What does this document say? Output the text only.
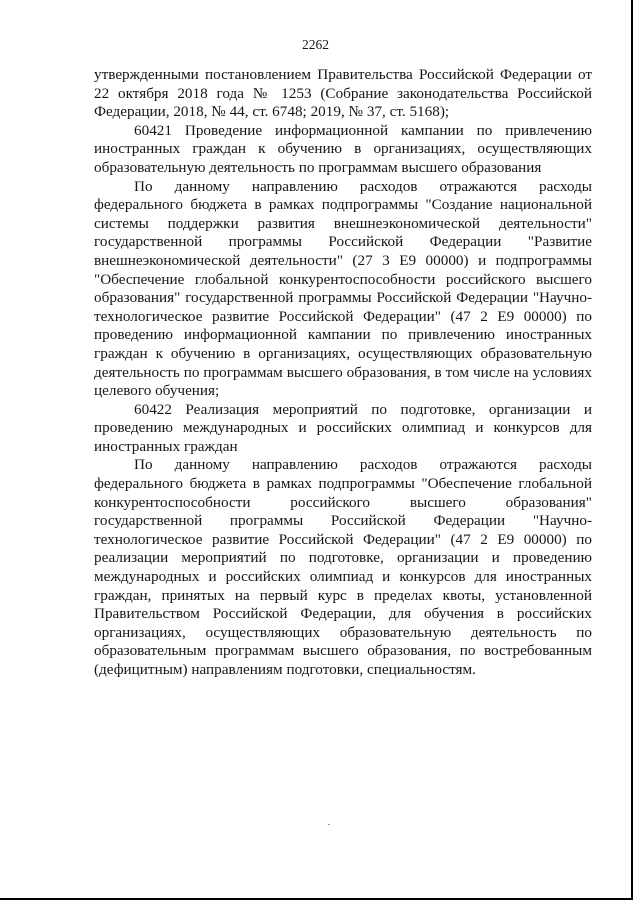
2262

утвержденными постановлением Правительства Российской Федерации от 22 октября 2018 года № 1253 (Собрание законодательства Российской Федерации, 2018, № 44, ст. 6748; 2019, № 37, ст. 5168);

60421 Проведение информационной кампании по привлечению иностранных граждан к обучению в организациях, осуществляющих образовательную деятельность по программам высшего образования

По данному направлению расходов отражаются расходы федерального бюджета в рамках подпрограммы "Создание национальной системы поддержки развития внешнеэкономической деятельности" государственной программы Российской Федерации "Развитие внешнеэкономической деятельности" (27 3 Е9 00000) и подпрограммы "Обеспечение глобальной конкурентоспособности российского высшего образования" государственной программы Российской Федерации "Научно-технологическое развитие Российской Федерации" (47 2 Е9 00000) по проведению информационной кампании по привлечению иностранных граждан к обучению в организациях, осуществляющих образовательную деятельность по программам высшего образования, в том числе на условиях целевого обучения;

60422 Реализация мероприятий по подготовке, организации и проведению международных и российских олимпиад и конкурсов для иностранных граждан

По данному направлению расходов отражаются расходы федерального бюджета в рамках подпрограммы "Обеспечение глобальной конкурентоспособности российского высшего образования" государственной программы Российской Федерации "Научно-технологическое развитие Российской Федерации" (47 2 Е9 00000) по реализации мероприятий по подготовке, организации и проведению международных и российских олимпиад и конкурсов для иностранных граждан, принятых на первый курс в пределах квоты, установленной Правительством Российской Федерации, для обучения в российских организациях, осуществляющих образовательную деятельность по образовательным программам высшего образования, по востребованным (дефицитным) направлениям подготовки, специальностям.
